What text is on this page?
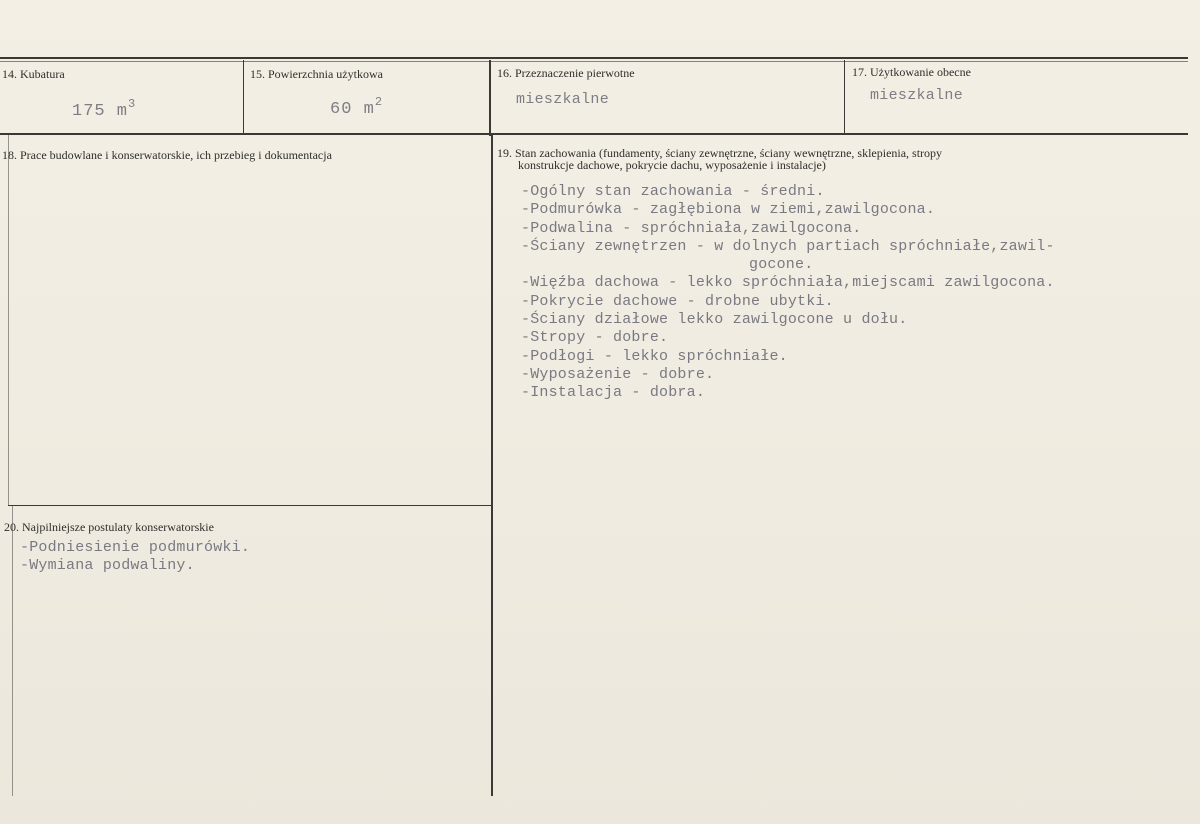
14. Kubatura
175 $m^3$
15. Powierzchnia użytkowa
60 $m^2$
16. Przeznaczenie pierwotne
mieszkalne
17. Użytkowanie obecne
mieszkalne
18. Prace budowlane i konserwatorskie, ich przebieg i dokumentacja	19. Stan zachowania (fundamenty, ściany zewnętrzne, ściany wewnętrzne, sklepienia, stropy
konstrukcje dachowe, pokrycie dachu, wyposażenie i instalacje)
-Ogólny stan zachowania - średni.
-Podmurówka - zagłębiona w ziemi,zawilgocona.
-Podwalina - spróchniała,zawilgocona.
-Ściany zewnętrzen - w dolnych partiach spróchniałe,zawil-
gocone.
-Więźba dachowa - lekko spróchniała,miejscami zawilgocona.
-Pokrycie dachowe - drobne ubytki.
-Ściany działowe lekko zawilgocone u dołu.
-Stropy - dobre.
-Podłogi - lekko spróchniałe.
-Wyposażenie - dobre.
-Instalacja - dobra.
20. Najpilniejsze postulaty konserwatorskie
-Podniesienie podmurówki.
-Wymiana podwaliny.
